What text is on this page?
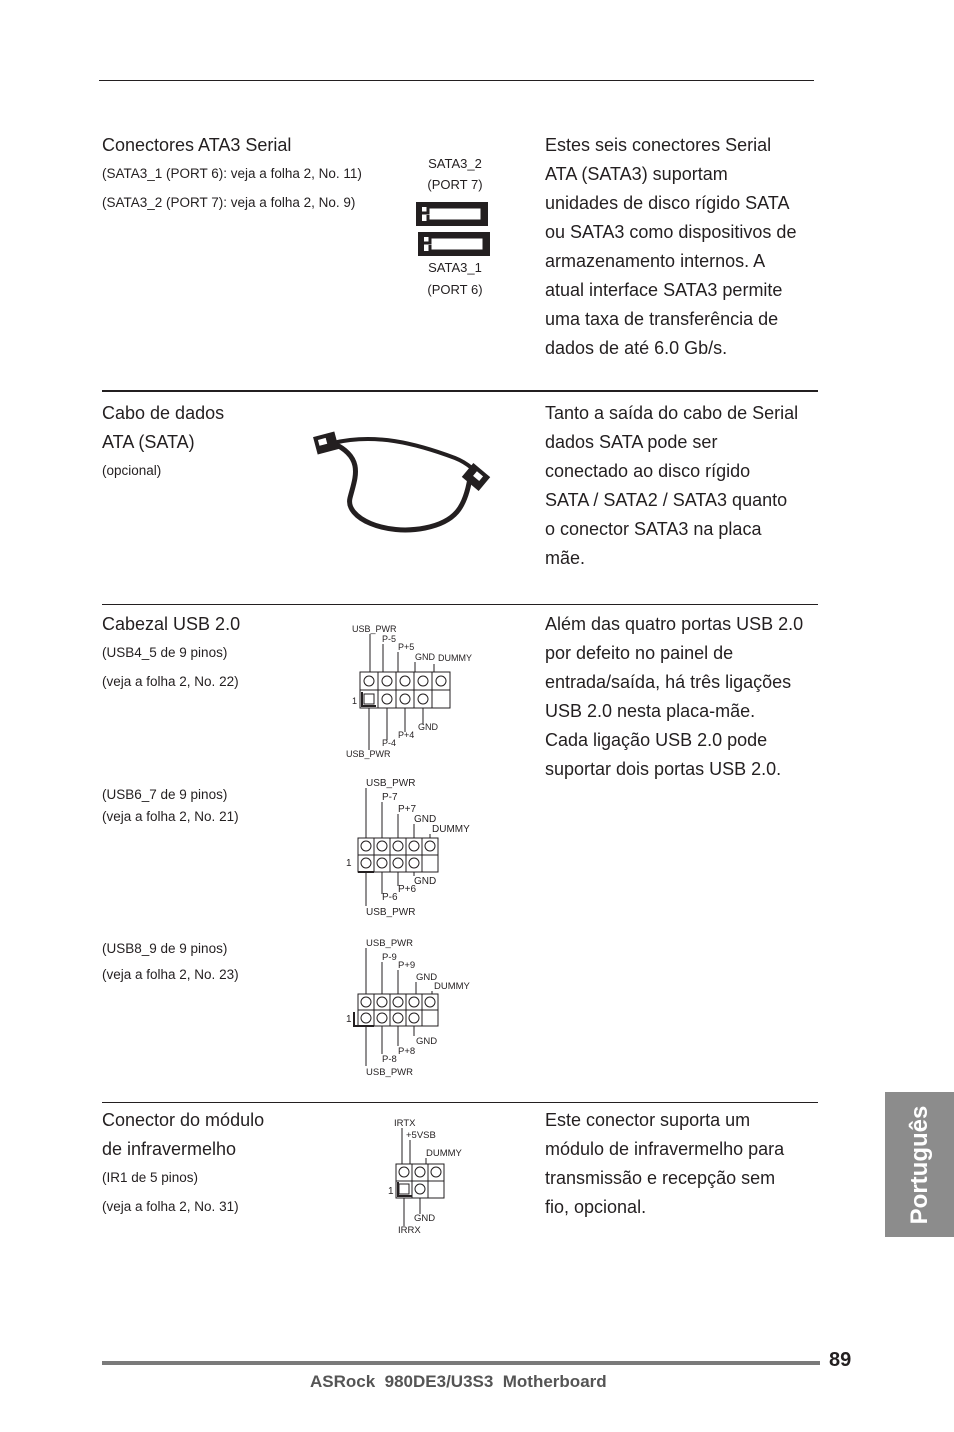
Conectores ATA3 Serial
(SATA3_1 (PORT 6): veja a folha 2, No. 11)
(SATA3_2 (PORT 7): veja a folha 2, No. 9)
SATA3_2
(PORT 7)
SATA3_1
(PORT 6)
Estes seis conectores Serial
ATA (SATA3) suportam
unidades de disco rígido SATA
ou SATA3 como dispositivos de
armazenamento internos. A
atual interface SATA3 permite
uma taxa de transferência de
dados de até 6.0 Gb/s.
Cabo de dados
ATA (SATA)
(opcional)
Tanto a saída do cabo de Serial
dados SATA pode ser
conectado ao disco rígido
SATA / SATA2 / SATA3 quanto
o conector SATA3 na placa
mãe.
Cabezal USB 2.0
(USB4_5 de 9 pinos)
(veja a folha 2, No. 22)
(USB6_7 de 9 pinos)
(veja a folha 2, No. 21)
(USB8_9 de 9 pinos)
(veja a folha 2, No. 23)
Além das quatro portas USB 2.0
por defeito no painel de
entrada/saída, há três ligações
USB 2.0 nesta placa-mãe.
Cada ligação USB 2.0 pode
suportar dois portas USB 2.0.
USB_PWR
P-5
P+5
GND DUMMY
1
GND
P+4
P-4
USB_PWR
USB_PWR
P-7
P+7
GND
DUMMY
1
GND
P+6
P-6
USB_PWR
USB_PWR
P-9
P+9
GND
DUMMY
1
GND
P+8
P-8
USB_PWR
Conector do módulo
de infravermelho
(IR1 de 5 pinos)
(veja a folha 2, No. 31)
IRTX
+5VSB
DUMMY
1
GND
IRRX
Este conector suporta um
módulo de infravermelho para
transmissão e recepção sem
fio, opcional.	Português
89
ASRock  980DE3/U3S3  Motherboard
